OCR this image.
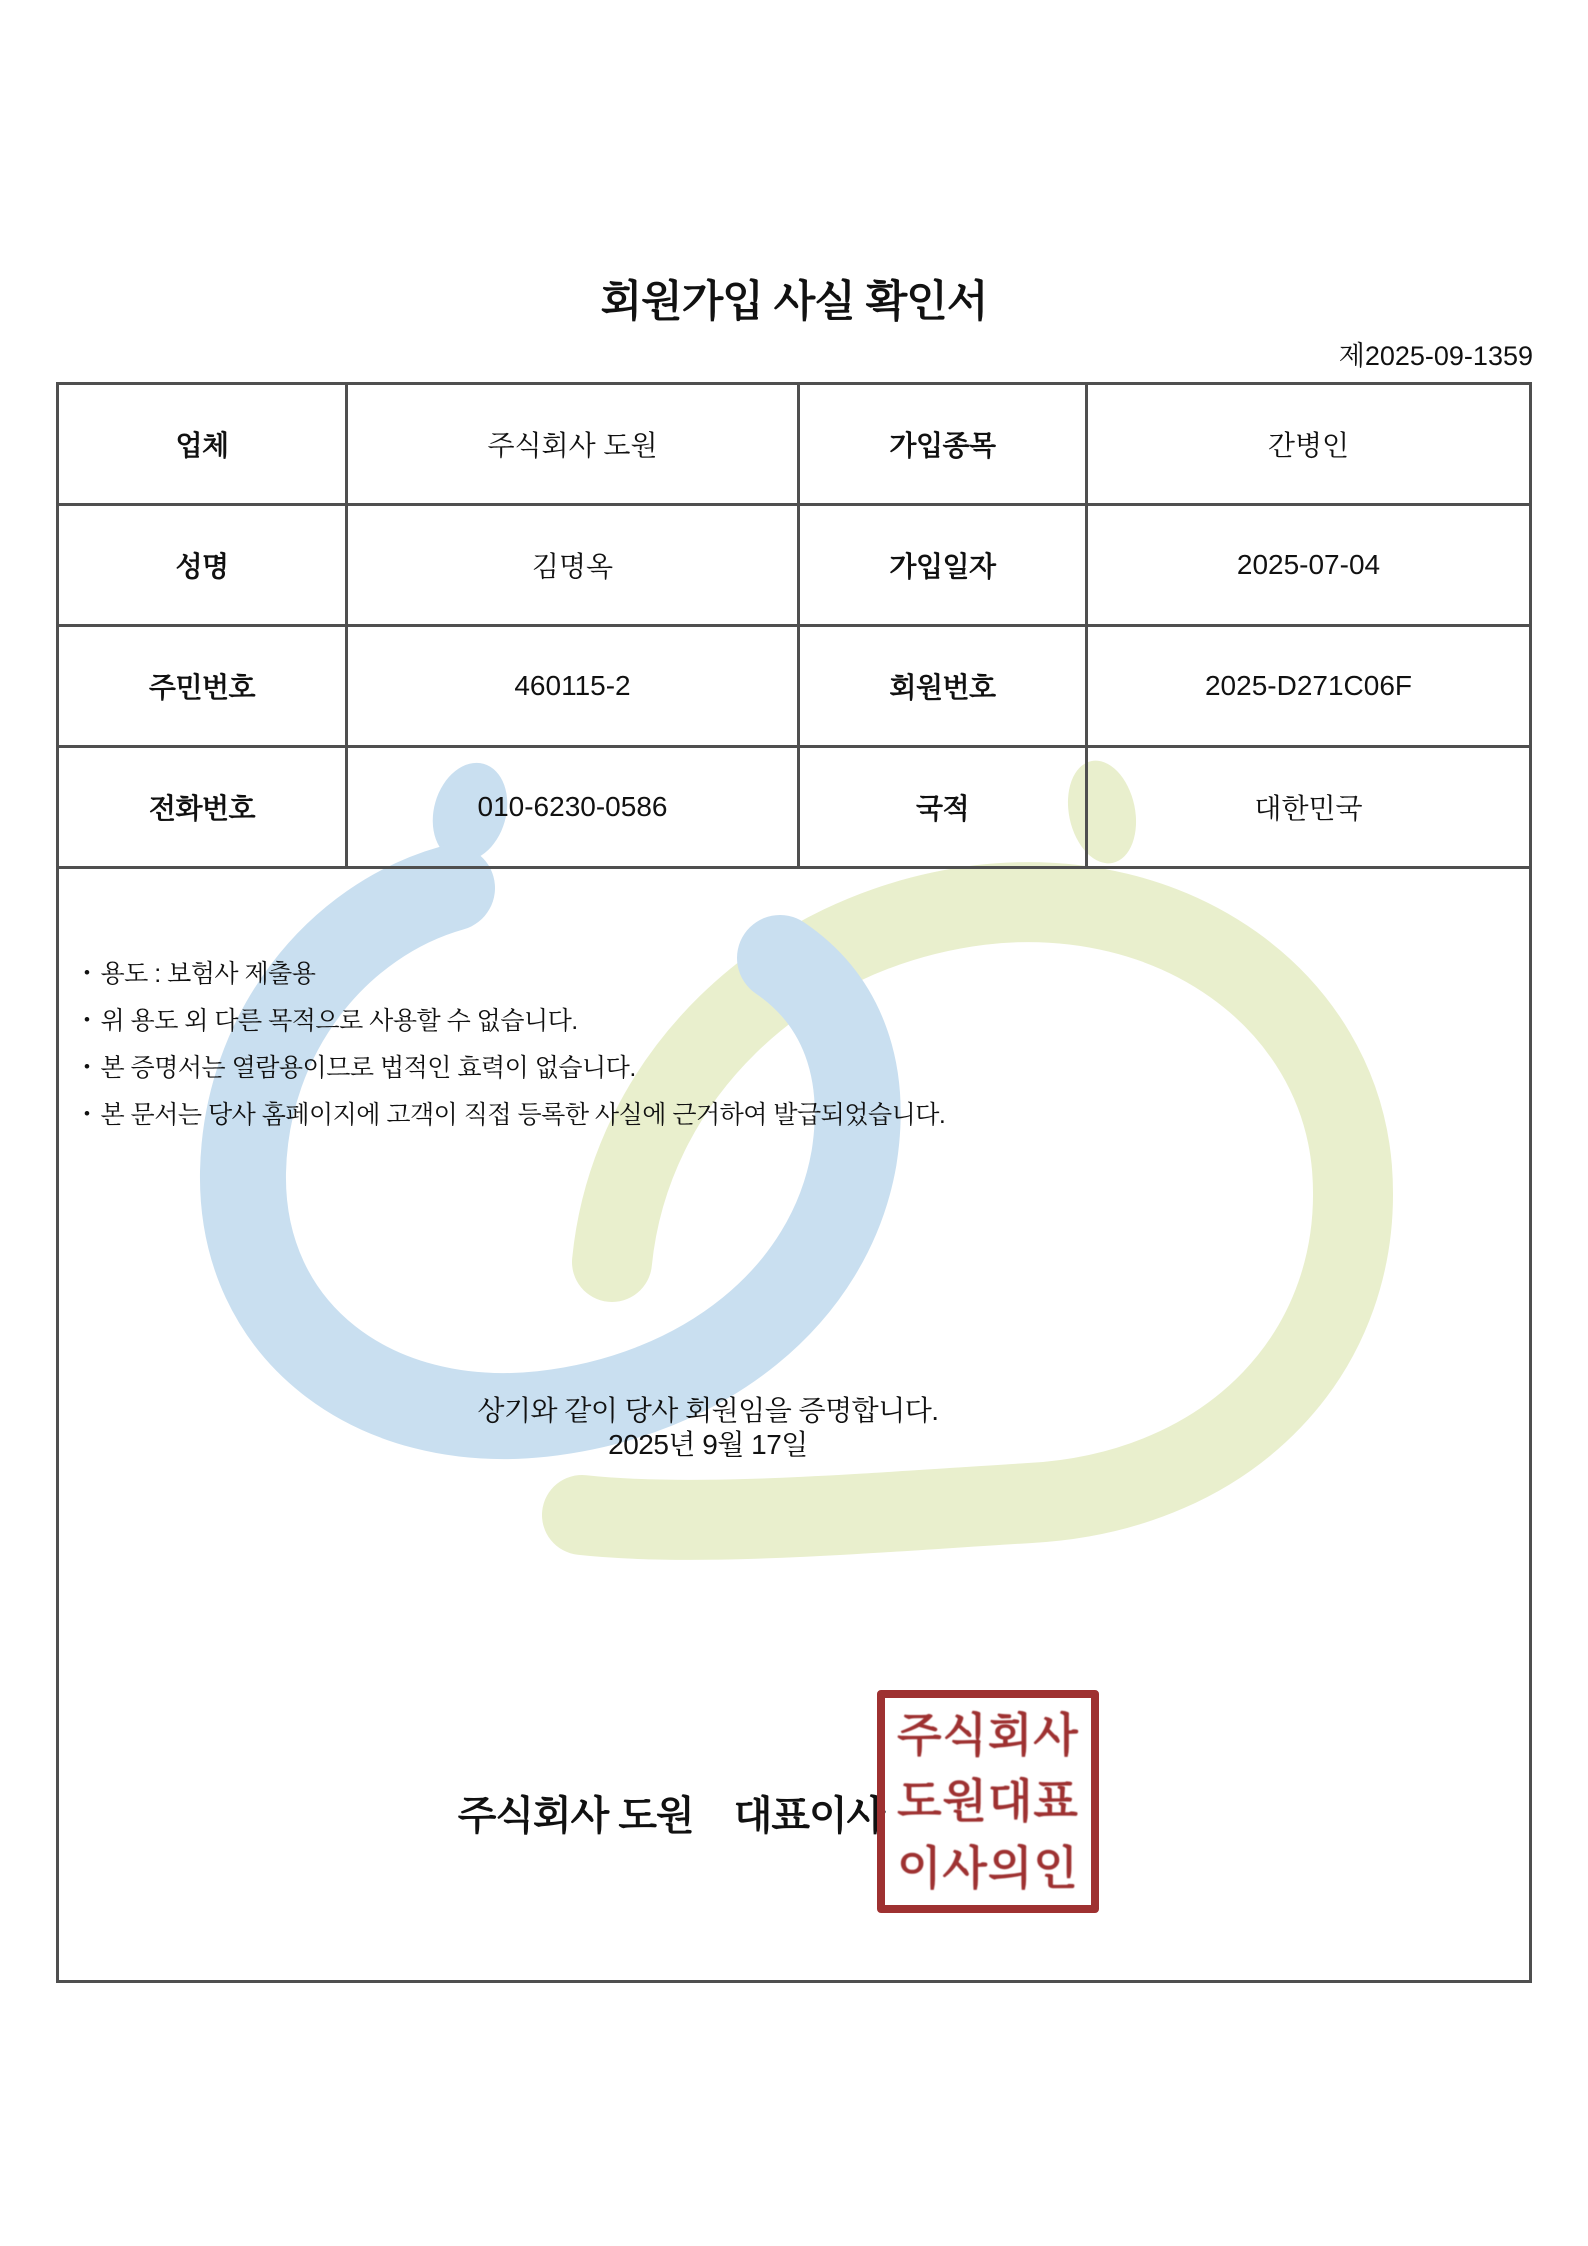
회원가입 사실 확인서
제2025-09-1359
업체	주식회사 도원	가입종목	간병인
성명	김명옥	가입일자	2025-07-04
주민번호	460115-2	회원번호	2025-D271C06F
전화번호	010-6230-0586	국적	대한민국
• 용도 : 보험사 제출용
• 위 용도 외 다른 목적으로 사용할 수 없습니다.
• 본 증명서는 열람용이므로 법적인 효력이 없습니다.
• 본 문서는 당사 홈페이지에 고객이 직접 등록한 사실에 근거하여 발급되었습니다.
상기와 같이 당사 회원임을 증명합니다.
2025년 9월 17일
주식회사 도원 대표이사
주식회사
도원대표
이사의인
